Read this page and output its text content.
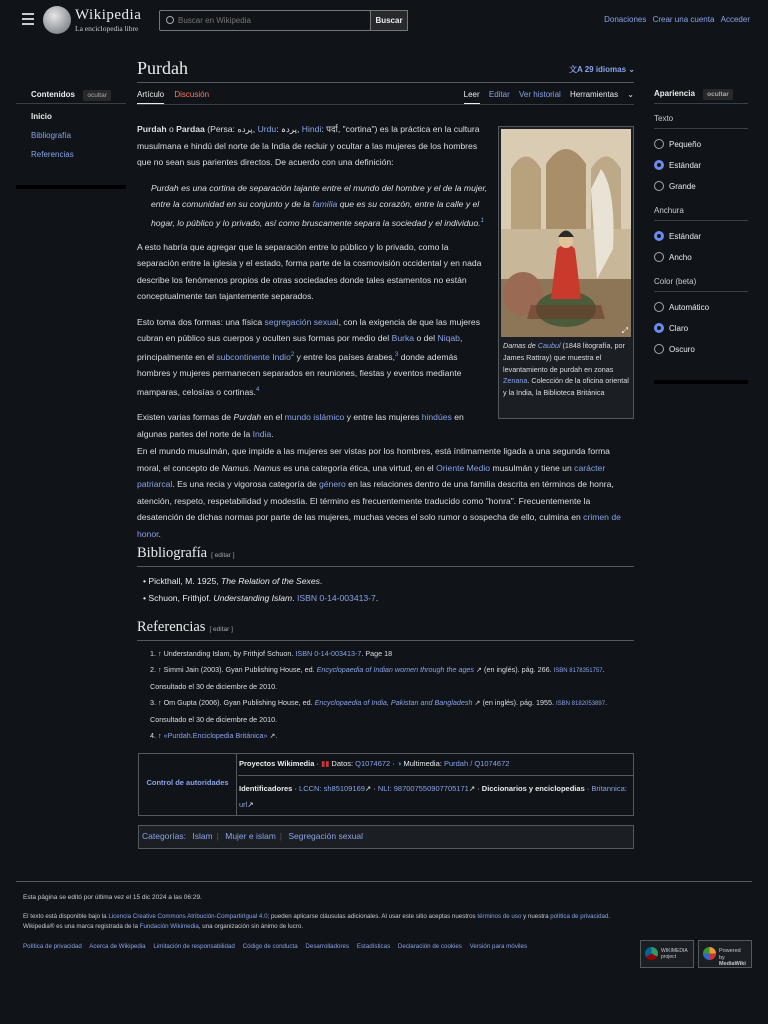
Wikipedia
La enciclopedia libre
Buscar en Wikipedia
Buscar	Donaciones Crear una cuenta Acceder
Contenidos ocultar
Inicio
Bibliografía
Referencias
Apariencia ocultar
Texto
Pequeño
Estándar
Grande
Anchura
Estándar
Ancho
Color (beta)
Automático
Claro
Oscuro
Purdah	文A 29 idiomas ⌄
Artículo Discusión	Leer Editar Ver historial Herramientas ⌄

Purdah o Pardaa (Persa: پرده, Urdu: پردہ, Hindi: पर्दा, "cortina") es la práctica en la cultura musulmana e hindú del norte de la India de recluir y ocultar a las mujeres de los hombres que no sean sus parientes directos. De acuerdo con una definición:

Purdah es una cortina de separación tajante entre el mundo del hombre y el de la mujer, entre la comunidad en su conjunto y de la familia que es su corazón, entre la calle y el hogar, lo público y lo privado, así como bruscamente separa la sociedad y el individuo.$^1$

A esto habría que agregar que la separación entre lo público y lo privado, como la separación entre la iglesia y el estado, forma parte de la cosmovisión occidental y en nada describe los fenómenos propios de otras sociedades donde tales estamentos no están conceptualmente tan tajantemente separados.

Esto toma dos formas: una física segregación sexual, con la exigencia de que las mujeres cubran en público sus cuerpos y oculten sus formas por medio del Burka o del Niqab, principalmente en el subcontinente Indio$^2$ y entre los países árabes,$^3$ donde además hombres y mujeres permanecen separados en reuniones, fiestas y eventos mediante mamparas, celosías o cortinas.$^4$

Existen varias formas de Purdah en el mundo islámico y entre las mujeres hindúes en algunas partes del norte de la India.

⤢
Damas de Caubul (1848 litografía, por James Rattray) que muestra el levantamiento de purdah en zonas Zenana. Colección de la oficina oriental y la India, la Biblioteca Británica

En el mundo musulmán, que impide a las mujeres ser vistas por los hombres, está íntimamente ligada a una segunda forma moral, el concepto de Namus. Namus es una categoría ética, una virtud, en el Oriente Medio musulmán y tiene un carácter patriarcal. Es una recia y vigorosa categoría de género en las relaciones dentro de una familia descrita en términos de honra, atención, respeto, respetabilidad y modestia. El término es frecuentemente traducido como "honra". Frecuentemente la desatención de dichas normas por parte de las mujeres, muchas veces el solo rumor o sospecha de ello, culmina en crimen de honor.

Bibliografía [ editar ]
• Pickthall, M. 1925, The Relation of the Sexes.
• Schuon, Frithjof. Understanding Islam. ISBN 0-14-003413-7.
Referencias [ editar ]
1. ↑ Understanding Islam, by Frithjof Schuon. ISBN 0-14-003413-7. Page 18
2. ↑ Simmi Jain (2003). Gyan Publishing House, ed. Encyclopaedia of Indian women through the ages ↗ (en inglés). pág. 266. ISBN 8178351757. Consultado el 30 de diciembre de 2010.
3. ↑ Om Gupta (2006). Gyan Publishing House, ed. Encyclopaedia of India, Pakistan and Bangladesh ↗ (en inglés). pág. 1955. ISBN 8182053897. Consultado el 30 de diciembre de 2010.
4. ↑ «Purdah.Enciclopedia Británica» ↗.
Control de autoridades
Proyectos Wikimedia · ▮▮ Datos: Q1074672 · ◑ Multimedia: Purdah / Q1074672
Identificadores · LCCN: sh85109169↗ · NLI: 987007550907705171↗ · Diccionarios y enciclopedias · Britannica: url↗
Categorías: Islam | Mujer e islam | Segregación sexual
Esta página se editó por última vez el 15 dic 2024 a las 06:29.
El texto está disponible bajo la Licencia Creative Commons Atribución-CompartirIgual 4.0; pueden aplicarse cláusulas adicionales. Al usar este sitio aceptas nuestros términos de uso y nuestra política de privacidad.
Wikipedia® es una marca registrada de la Fundación Wikimedia, una organización sin ánimo de lucro.
Política de privacidad Acerca de Wikipedia Limitación de responsabilidad Código de conducta Desarrolladores Estadísticas Declaración de cookies Versión para móviles
WIKIMEDIA project
Powered by
MediaWiki
